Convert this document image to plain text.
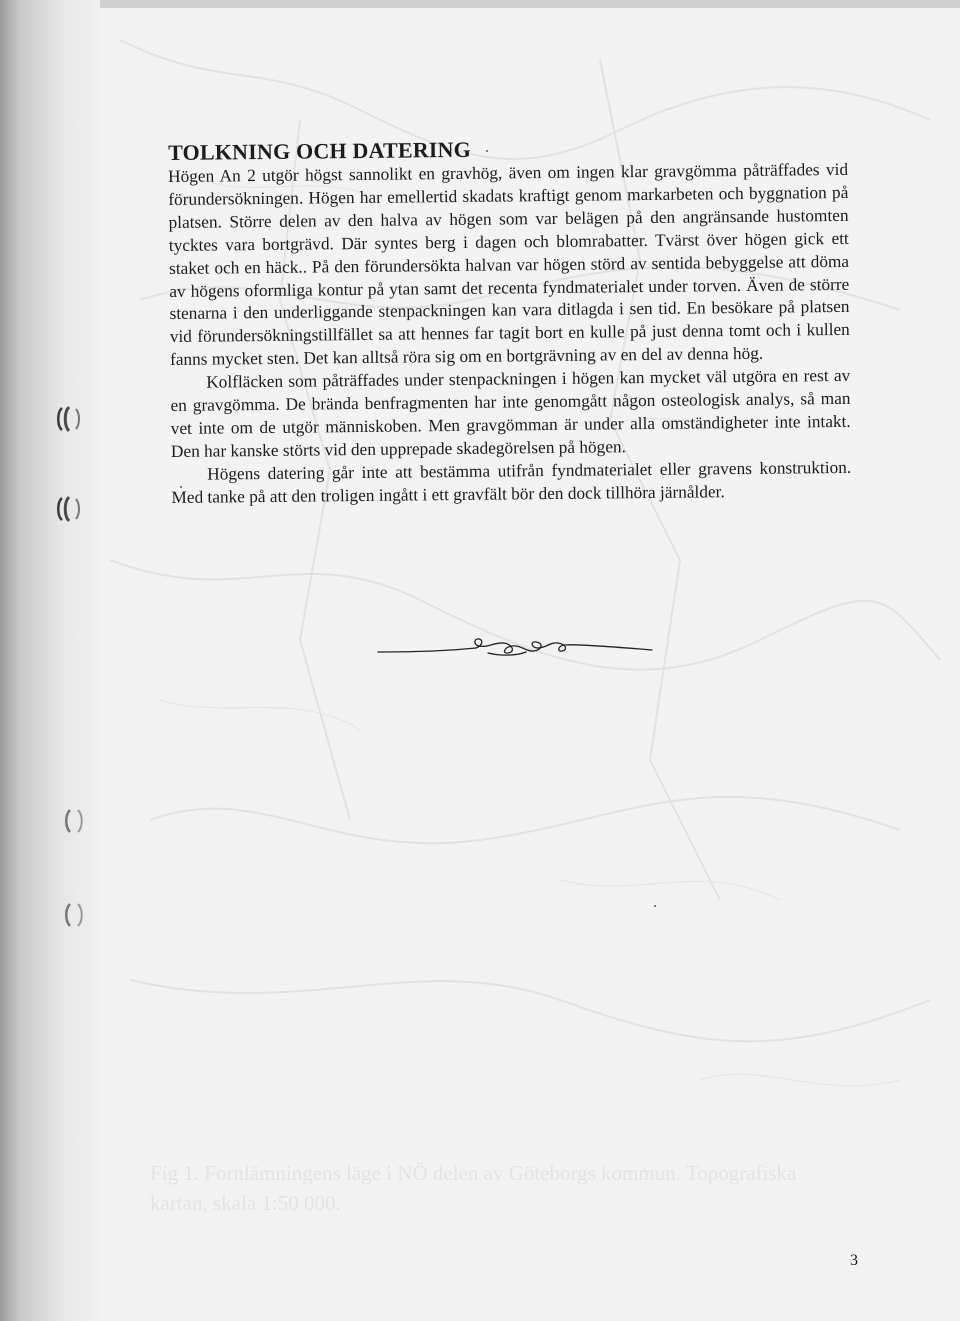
Fig 1. Fornlämningens läge i NÖ delen av Göteborgs kommun. Topografiska kartan, skala 1:50 000.
TOLKNING OCH DATERING

Högen An 2 utgör högst sannolikt en gravhög, även om ingen klar gravgömma påträffades vid förundersökningen. Högen har emellertid skadats kraftigt genom markarbeten och byggnation på platsen. Större delen av den halva av högen som var belägen på den angränsande hustomten tycktes vara bortgrävd. Där syntes berg i dagen och blomrabatter. Tvärst över högen gick ett staket och en häck.. På den förundersökta halvan var högen störd av sentida bebyggelse att döma av högens oformliga kontur på ytan samt det recenta fyndmaterialet under torven. Även de större stenarna i den underliggande stenpackningen kan vara ditlagda i sen tid. En besökare på platsen vid förundersökningstillfället sa att hennes far tagit bort en kulle på just denna tomt och i kullen fanns mycket sten. Det kan alltså röra sig om en bortgrävning av en del av denna hög.

Kolfläcken som påträffades under stenpackningen i högen kan mycket väl utgöra en rest av en gravgömma. De brända benfragmenten har inte genomgått någon osteologisk analys, så man vet inte om de utgör människoben. Men gravgömman är under alla omständigheter inte intakt. Den har kanske störts vid den upprepade skadegörelsen på högen.

Högens datering går inte att bestämma utifrån fyndmaterialet eller gravens konstruktion. Med tanke på att den troligen ingått i ett gravfält bör den dock tillhöra järnålder.

3
